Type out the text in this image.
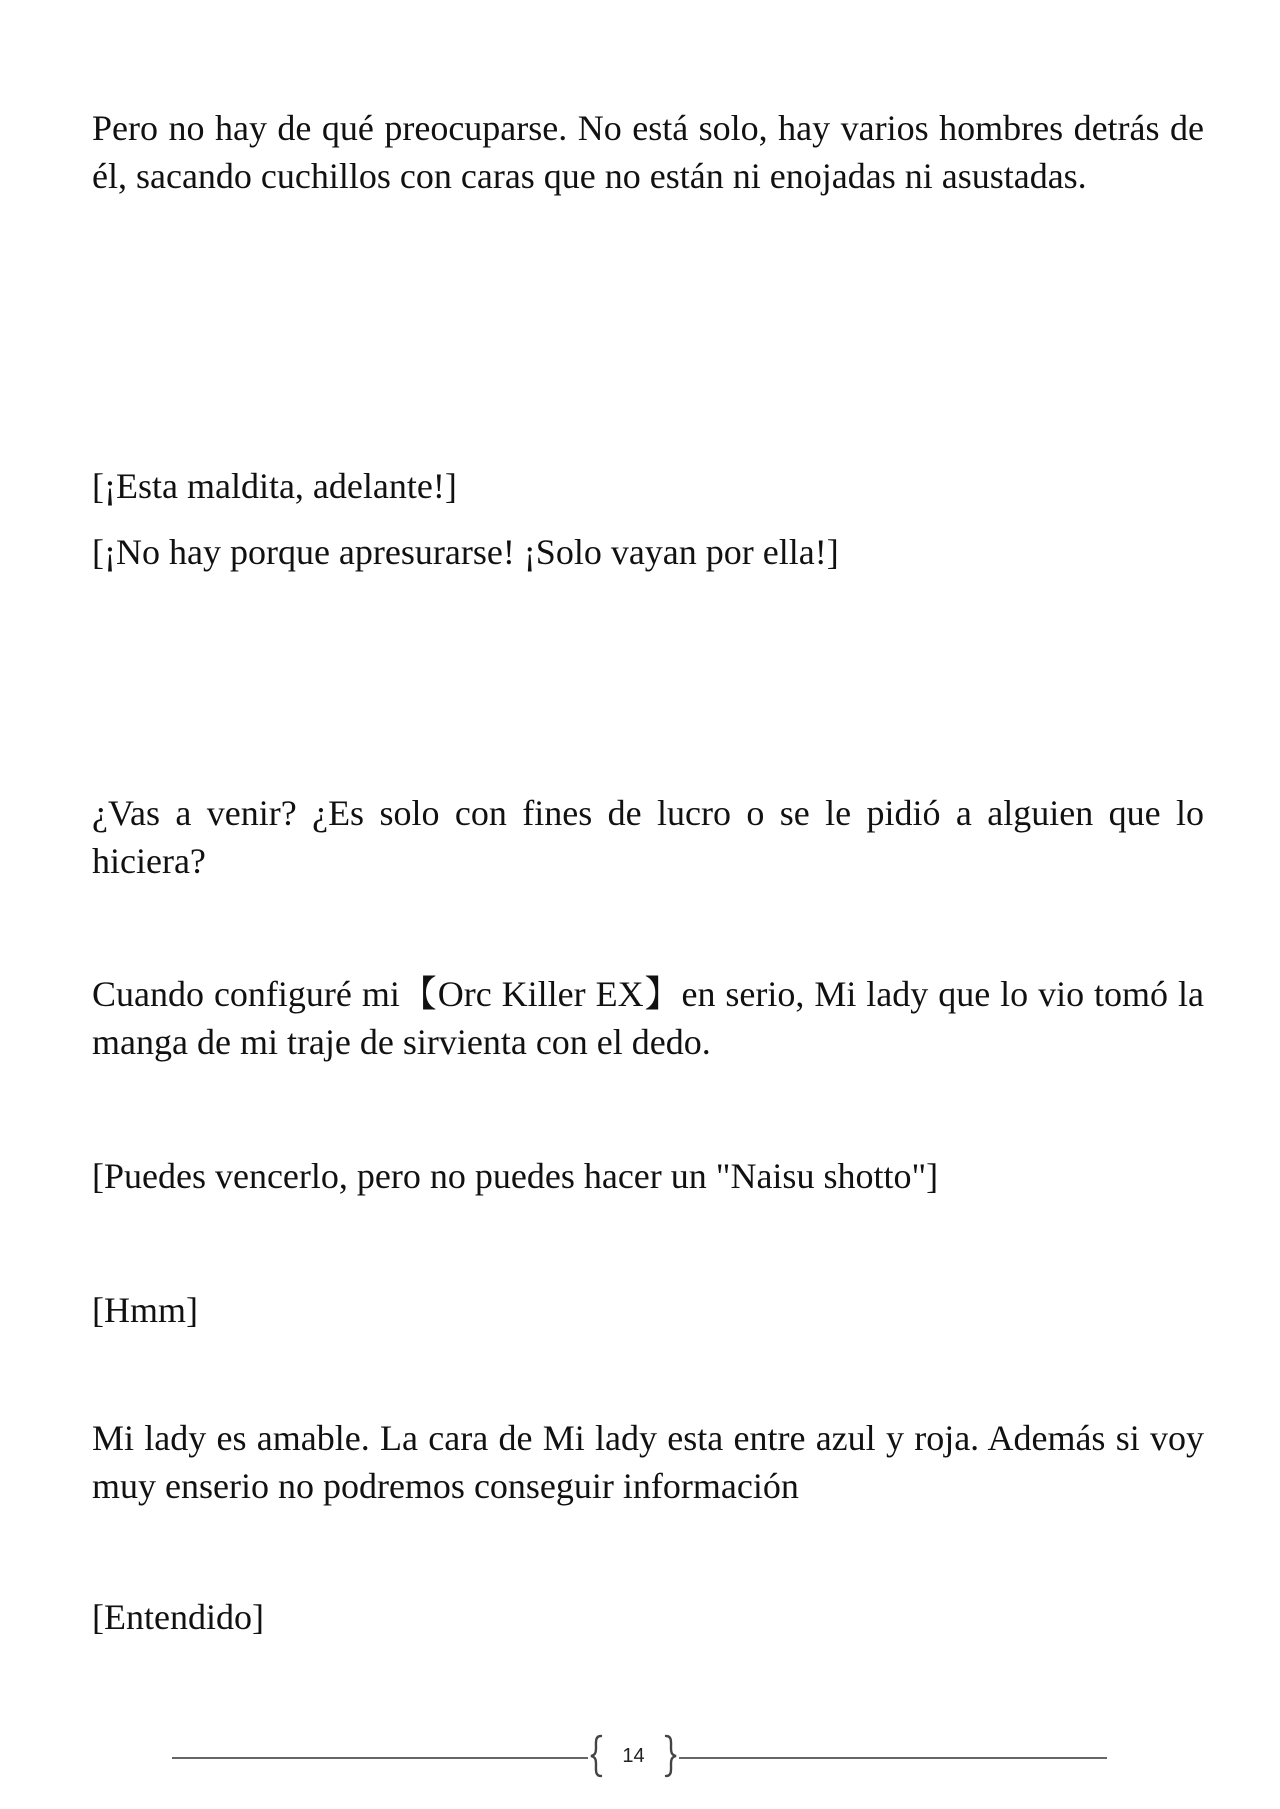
Pero no hay de qué preocuparse. No está solo, hay varios hombres detrás de él, sacando cuchillos con caras que no están ni enojadas ni asustadas.

[¡Esta maldita, adelante!]

[¡No hay porque apresurarse! ¡Solo vayan por ella!]

¿Vas a venir? ¿Es solo con fines de lucro o se le pidió a alguien que lo hiciera?

Cuando configuré mi【Orc Killer EX】en serio, Mi lady que lo vio tomó la manga de mi traje de sirvienta con el dedo.

[Puedes vencerlo, pero no puedes hacer un "Naisu shotto"]

[Hmm]

Mi lady es amable. La cara de Mi lady esta entre azul y roja. Además si voy muy enserio no podremos conseguir información

[Entendido]

14
